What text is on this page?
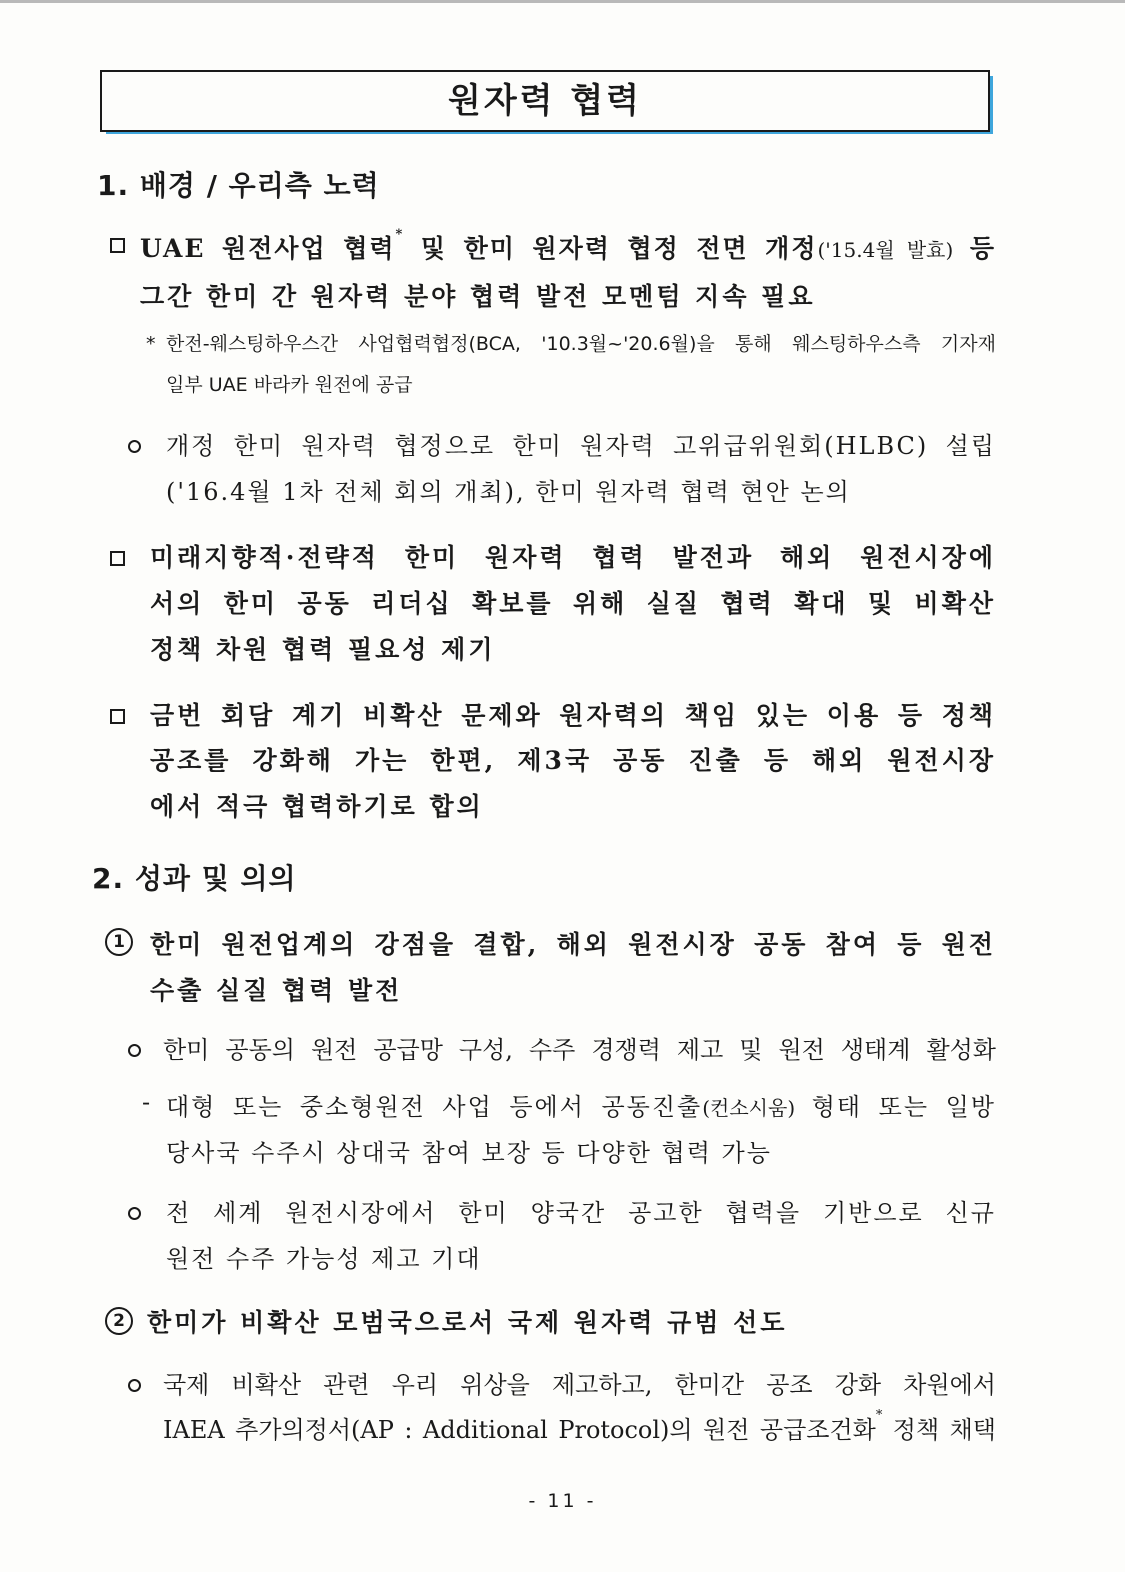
원자력 협력
1. 배경 / 우리측 노력
UAE 원전사업 협력* 및 한미 원자력 협정 전면 개정('15.4월 발효) 등
그간 한미 간 원자력 분야 협력 발전 모멘텀 지속 필요
* 한전-웨스팅하우스간 사업협력협정(BCA, '10.3월~'20.6월)을 통해 웨스팅하우스측 기자재
일부 UAE 바라카 원전에 공급
개정 한미 원자력 협정으로 한미 원자력 고위급위원회(HLBC) 설립
('16.4월 1차 전체 회의 개최), 한미 원자력 협력 현안 논의
미래지향적·전략적 한미 원자력 협력 발전과 해외 원전시장에
서의 한미 공동 리더십 확보를 위해 실질 협력 확대 및 비확산
정책 차원 협력 필요성 제기
금번 회담 계기 비확산 문제와 원자력의 책임 있는 이용 등 정책
공조를 강화해 가는 한편, 제3국 공동 진출 등 해외 원전시장
에서 적극 협력하기로 합의
2. 성과 및 의의
1	한미 원전업계의 강점을 결합, 해외 원전시장 공동 참여 등 원전
수출 실질 협력 발전
한미 공동의 원전 공급망 구성, 수주 경쟁력 제고 및 원전 생태계 활성화
- 대형 또는 중소형원전 사업 등에서 공동진출(컨소시움) 형태 또는 일방
당사국 수주시 상대국 참여 보장 등 다양한 협력 가능
전 세계 원전시장에서 한미 양국간 공고한 협력을 기반으로 신규
원전 수주 가능성 제고 기대
2 한미가 비확산 모범국으로서 국제 원자력 규범 선도
국제 비확산 관련 우리 위상을 제고하고, 한미간 공조 강화 차원에서
IAEA 추가의정서(AP : Additional Protocol)의 원전 공급조건화* 정책 채택
- 11 -
